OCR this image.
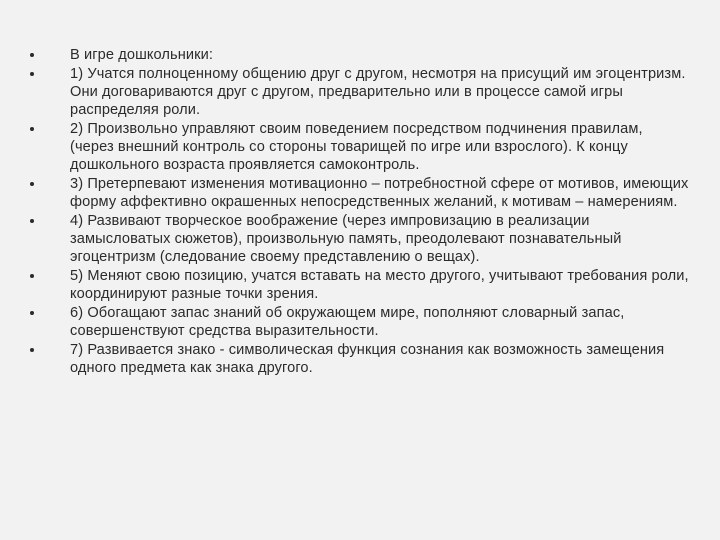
В игре дошкольники:
1) Учатся полноценному общению друг с другом, несмотря на присущий им эгоцентризм. Они договариваются друг с другом, предварительно или в процессе самой игры распределяя роли.
2) Произвольно управляют своим поведением посредством подчинения правилам, (через внешний контроль со стороны товарищей по игре или взрослого). К концу дошкольного возраста проявляется самоконтроль.
3) Претерпевают изменения мотивационно – потребностной сфере от мотивов, имеющих форму аффективно окрашенных непосредственных желаний, к мотивам – намерениям.
4) Развивают творческое воображение (через импровизацию в реализации замысловатых сюжетов), произвольную память, преодолевают познавательный эгоцентризм (следование своему представлению о вещах).
5) Меняют свою позицию, учатся вставать на место другого, учитывают требования роли, координируют разные точки зрения.
6) Обогащают запас знаний об окружающем мире, пополняют словарный запас, совершенствуют средства выразительности.
7) Развивается знако - символическая функция сознания как возможность замещения одного предмета как знака другого.
